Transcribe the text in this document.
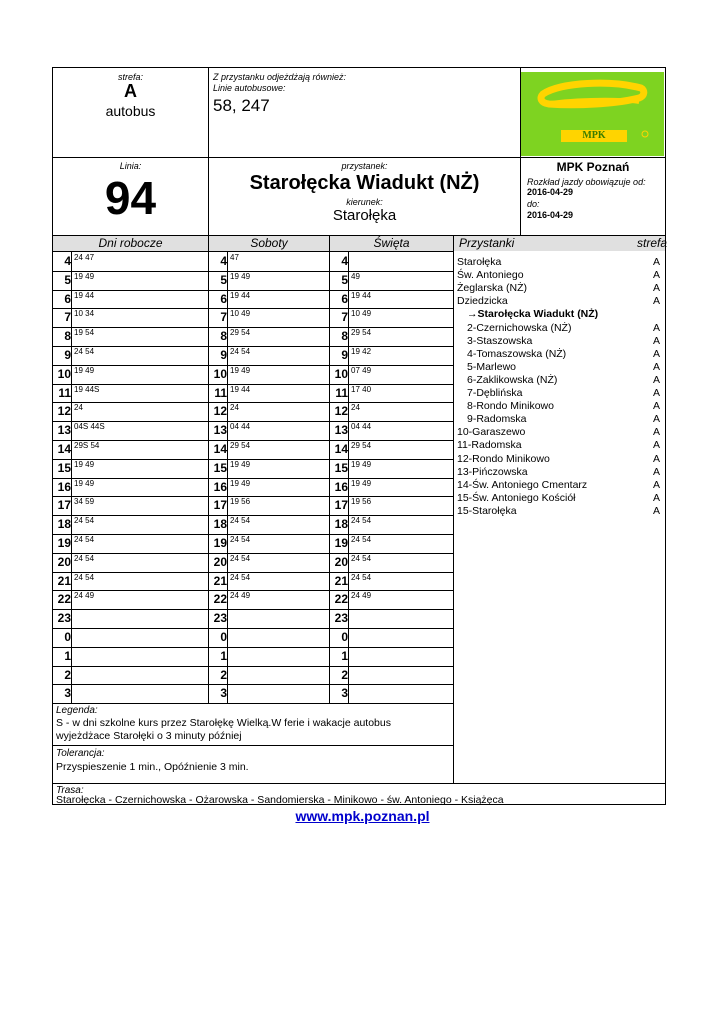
strefa:
A
autobus
Z przystanku odjeżdżają również:
Linie autobusowe:
58, 247
MPK
Linia:
94
przystanek:
Starołęcka Wiadukt (NŻ)
kierunek:
Starołęka
MPK Poznań
Rozkład jazdy obowiązuje od:
2016-04-29
do:
2016-04-29
Dni robocze	Soboty	Święta	Przystanki	strefa
4 24 47	4 47	4
5 19 49	5 19 49	5 49
6 19 44	6 19 44	6 19 44
7 10 34	7 10 49	7 10 49
8 19 54	8 29 54	8 29 54
9 24 54	9 24 54	9 19 42
10 19 49	10 19 49	10 07 49
11 19 44S	11 19 44	11 17 40
12 24	12 24	12 24
13 04S 44S	13 04 44	13 04 44
14 29S 54	14 29 54	14 29 54
15 19 49	15 19 49	15 19 49
16 19 49	16 19 49	16 19 49
17 34 59	17 19 56	17 19 56
18 24 54	18 24 54	18 24 54
19 24 54	19 24 54	19 24 54
20 24 54	20 24 54	20 24 54
21 24 54	21 24 54	21 24 54
22 24 49	22 24 49	22 24 49
23	23	23
0	0	0
1	1	1
2	2	2
3	3	3
Starołęka	A
Św. Antoniego	A
Żeglarska (NŻ)	A
Dziedzicka	A
→Starołęcka Wiadukt (NŻ)
2-Czernichowska (NŻ)	A
3-Staszowska	A
4-Tomaszowska (NŻ)	A
5-Marlewo	A
6-Zaklikowska (NŻ)	A
7-Dęblińska	A
8-Rondo Minikowo	A
9-Radomska	A
10-Garaszewo	A
11-Radomska	A
12-Rondo Minikowo	A
13-Pińczowska	A
14-Św. Antoniego Cmentarz	A
15-Św. Antoniego Kościół	A
15-Starołęka	A
Legenda:
S - w dni szkolne kurs przez Starołękę Wielką.W ferie i wakacje autobus
wyjeżdżace Starołęki o 3 minuty później
Tolerancja:
Przyspieszenie 1 min., Opóźnienie 3 min.
Trasa:
Starołęcka - Czernichowska - Ożarowska - Sandomierska - Minikowo - św. Antoniego - Książęca
www.mpk.poznan.pl
